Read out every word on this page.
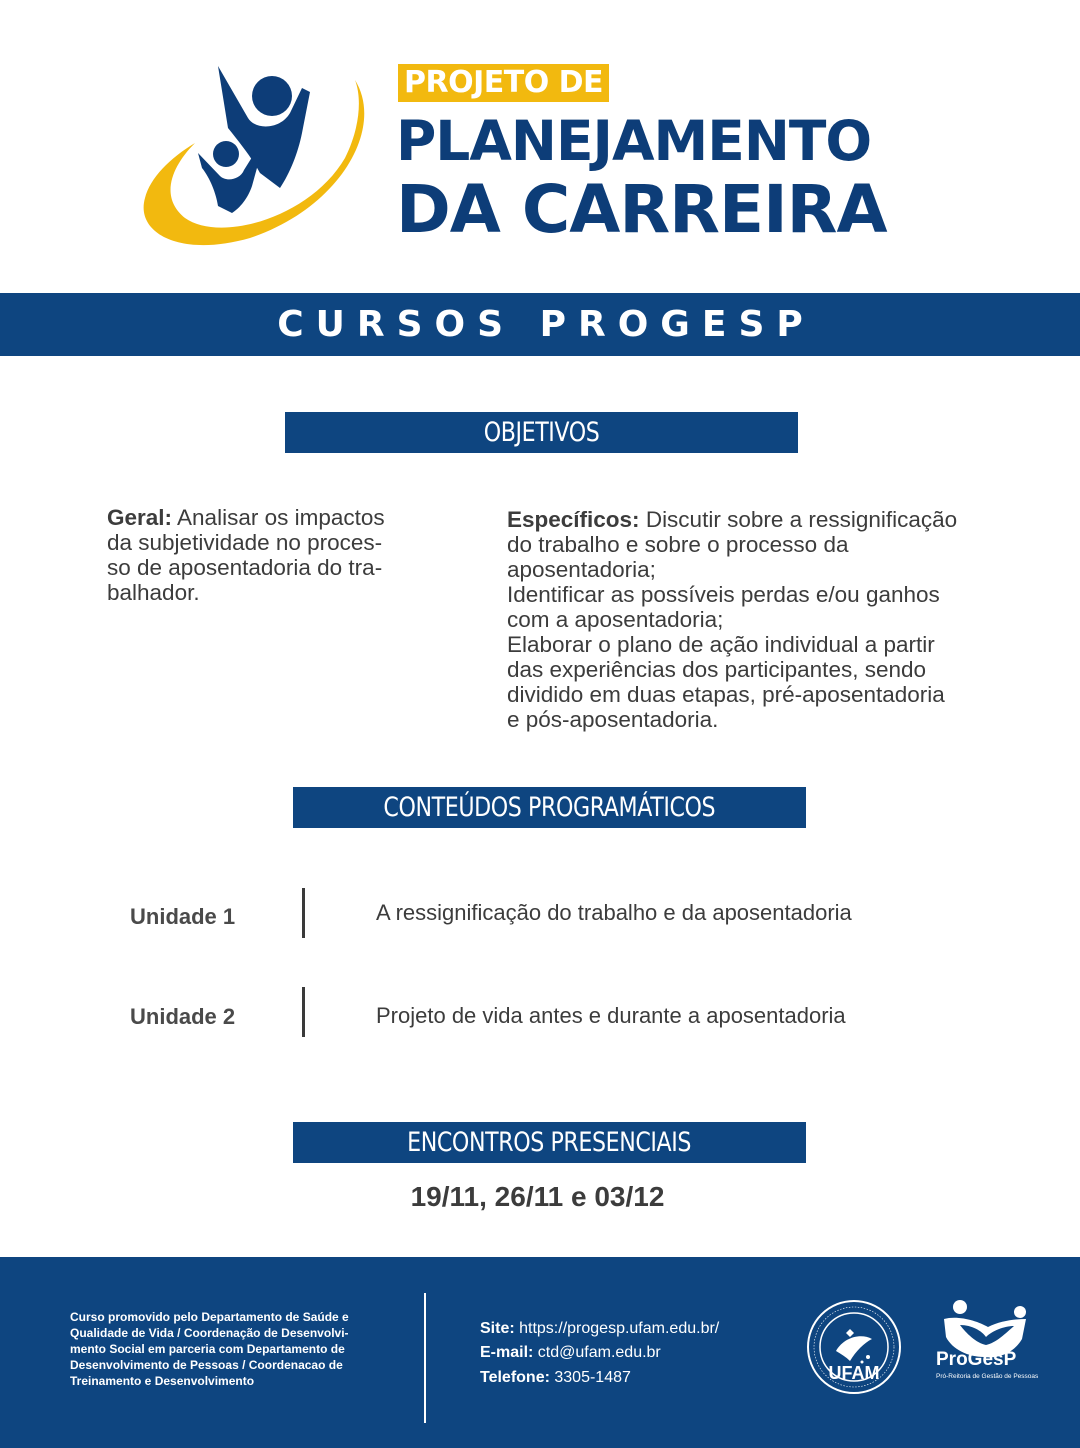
PROJETO DE
PLANEJAMENTO
DA CARREIRA
CURSOS PROGESP
OBJETIVOS
Geral: Analisar os impactos
da subjetividade no proces-
so de aposentadoria do tra-
balhador.
Específicos: Discutir sobre a ressignificação
do trabalho e sobre o processo da
aposentadoria;
Identificar as possíveis perdas e/ou ganhos
com a aposentadoria;
Elaborar o plano de ação individual a partir
das experiências dos participantes, sendo
dividido em duas etapas, pré-aposentadoria
e pós-aposentadoria.
CONTEÚDOS PROGRAMÁTICOS
Unidade 1	A ressignificação do trabalho e da aposentadoria
Unidade 2	Projeto de vida antes e durante a aposentadoria
ENCONTROS PRESENCIAIS
19/11, 26/11 e 03/12
Curso promovido pelo Departamento de Saúde e
Qualidade de Vida / Coordenação de Desenvolvi-
mento Social em parceria com Departamento de
Desenvolvimento de Pessoas / Coordenacao de
Treinamento e Desenvolvimento
Site: https://progesp.ufam.edu.br/
E-mail: ctd@ufam.edu.br
Telefone: 3305-1487	UFAM
ProGesP
Pró-Reitoria de Gestão de Pessoas
